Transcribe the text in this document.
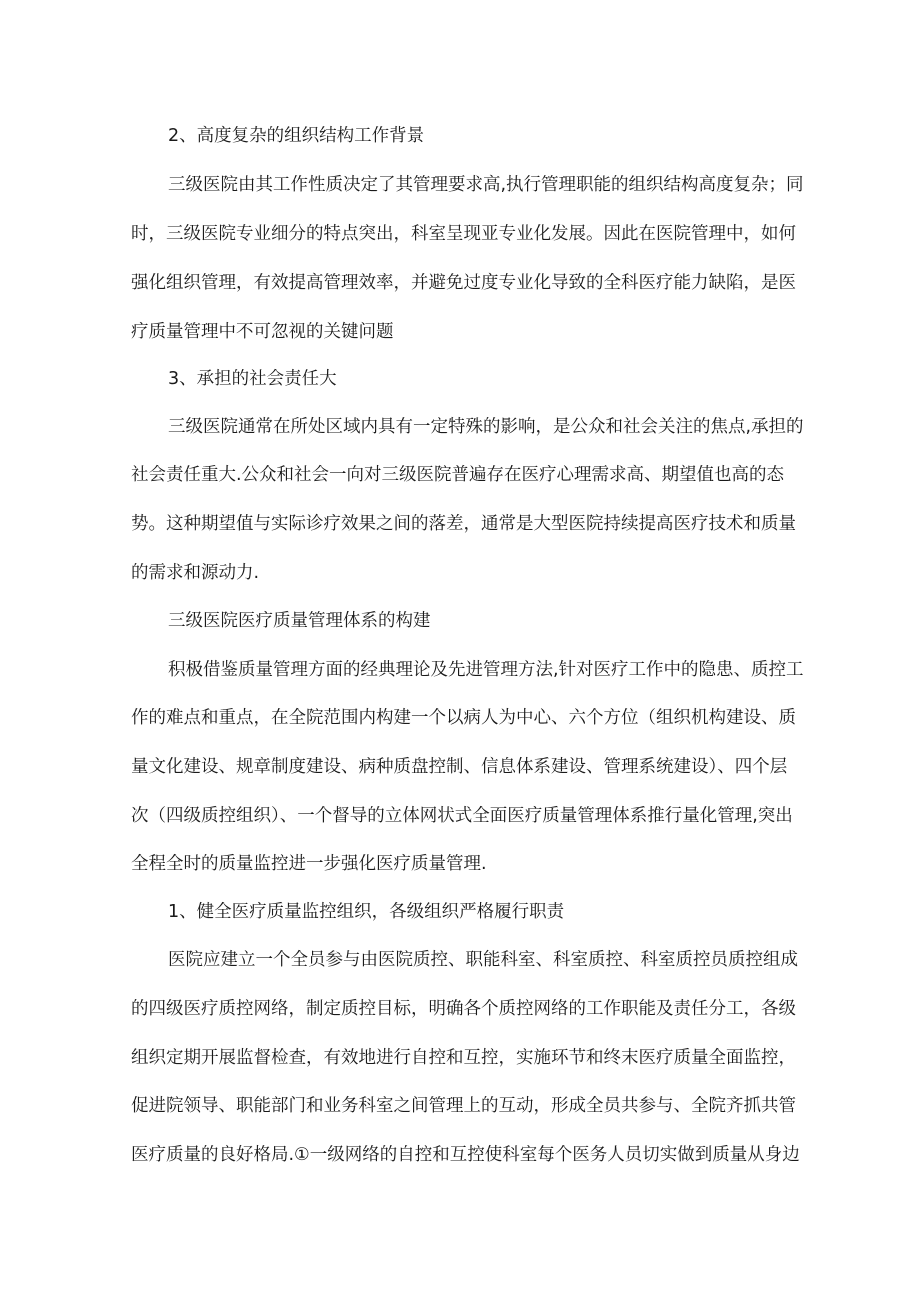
2、高度复杂的组织结构工作背景
三级医院由其工作性质决定了其管理要求高,执行管理职能的组织结构高度复杂；同
时，三级医院专业细分的特点突出，科室呈现亚专业化发展。因此在医院管理中，如何
强化组织管理，有效提高管理效率，并避免过度专业化导致的全科医疗能力缺陷，是医
疗质量管理中不可忽视的关键问题
3、承担的社会责任大
三级医院通常在所处区域内具有一定特殊的影响，是公众和社会关注的焦点,承担的
社会责任重大.公众和社会一向对三级医院普遍存在医疗心理需求高、期望值也高的态
势。这种期望值与实际诊疗效果之间的落差，通常是大型医院持续提高医疗技术和质量
的需求和源动力.
三级医院医疗质量管理体系的构建
积极借鉴质量管理方面的经典理论及先进管理方法,针对医疗工作中的隐患、质控工
作的难点和重点，在全院范围内构建一个以病人为中心、六个方位（组织机构建设、质
量文化建设、规章制度建设、病种质盘控制、信息体系建设、管理系统建设）、四个层
次（四级质控组织）、一个督导的立体网状式全面医疗质量管理体系推行量化管理,突出
全程全时的质量监控进一步强化医疗质量管理.
1、健全医疗质量监控组织，各级组织严格履行职责
医院应建立一个全员参与由医院质控、职能科室、科室质控、科室质控员质控组成
的四级医疗质控网络，制定质控目标，明确各个质控网络的工作职能及责任分工，各级
组织定期开展监督检查，有效地进行自控和互控，实施环节和终末医疗质量全面监控，
促进院领导、职能部门和业务科室之间管理上的互动，形成全员共参与、全院齐抓共管
医疗质量的良好格局.①一级网络的自控和互控使科室每个医务人员切实做到质量从身边
